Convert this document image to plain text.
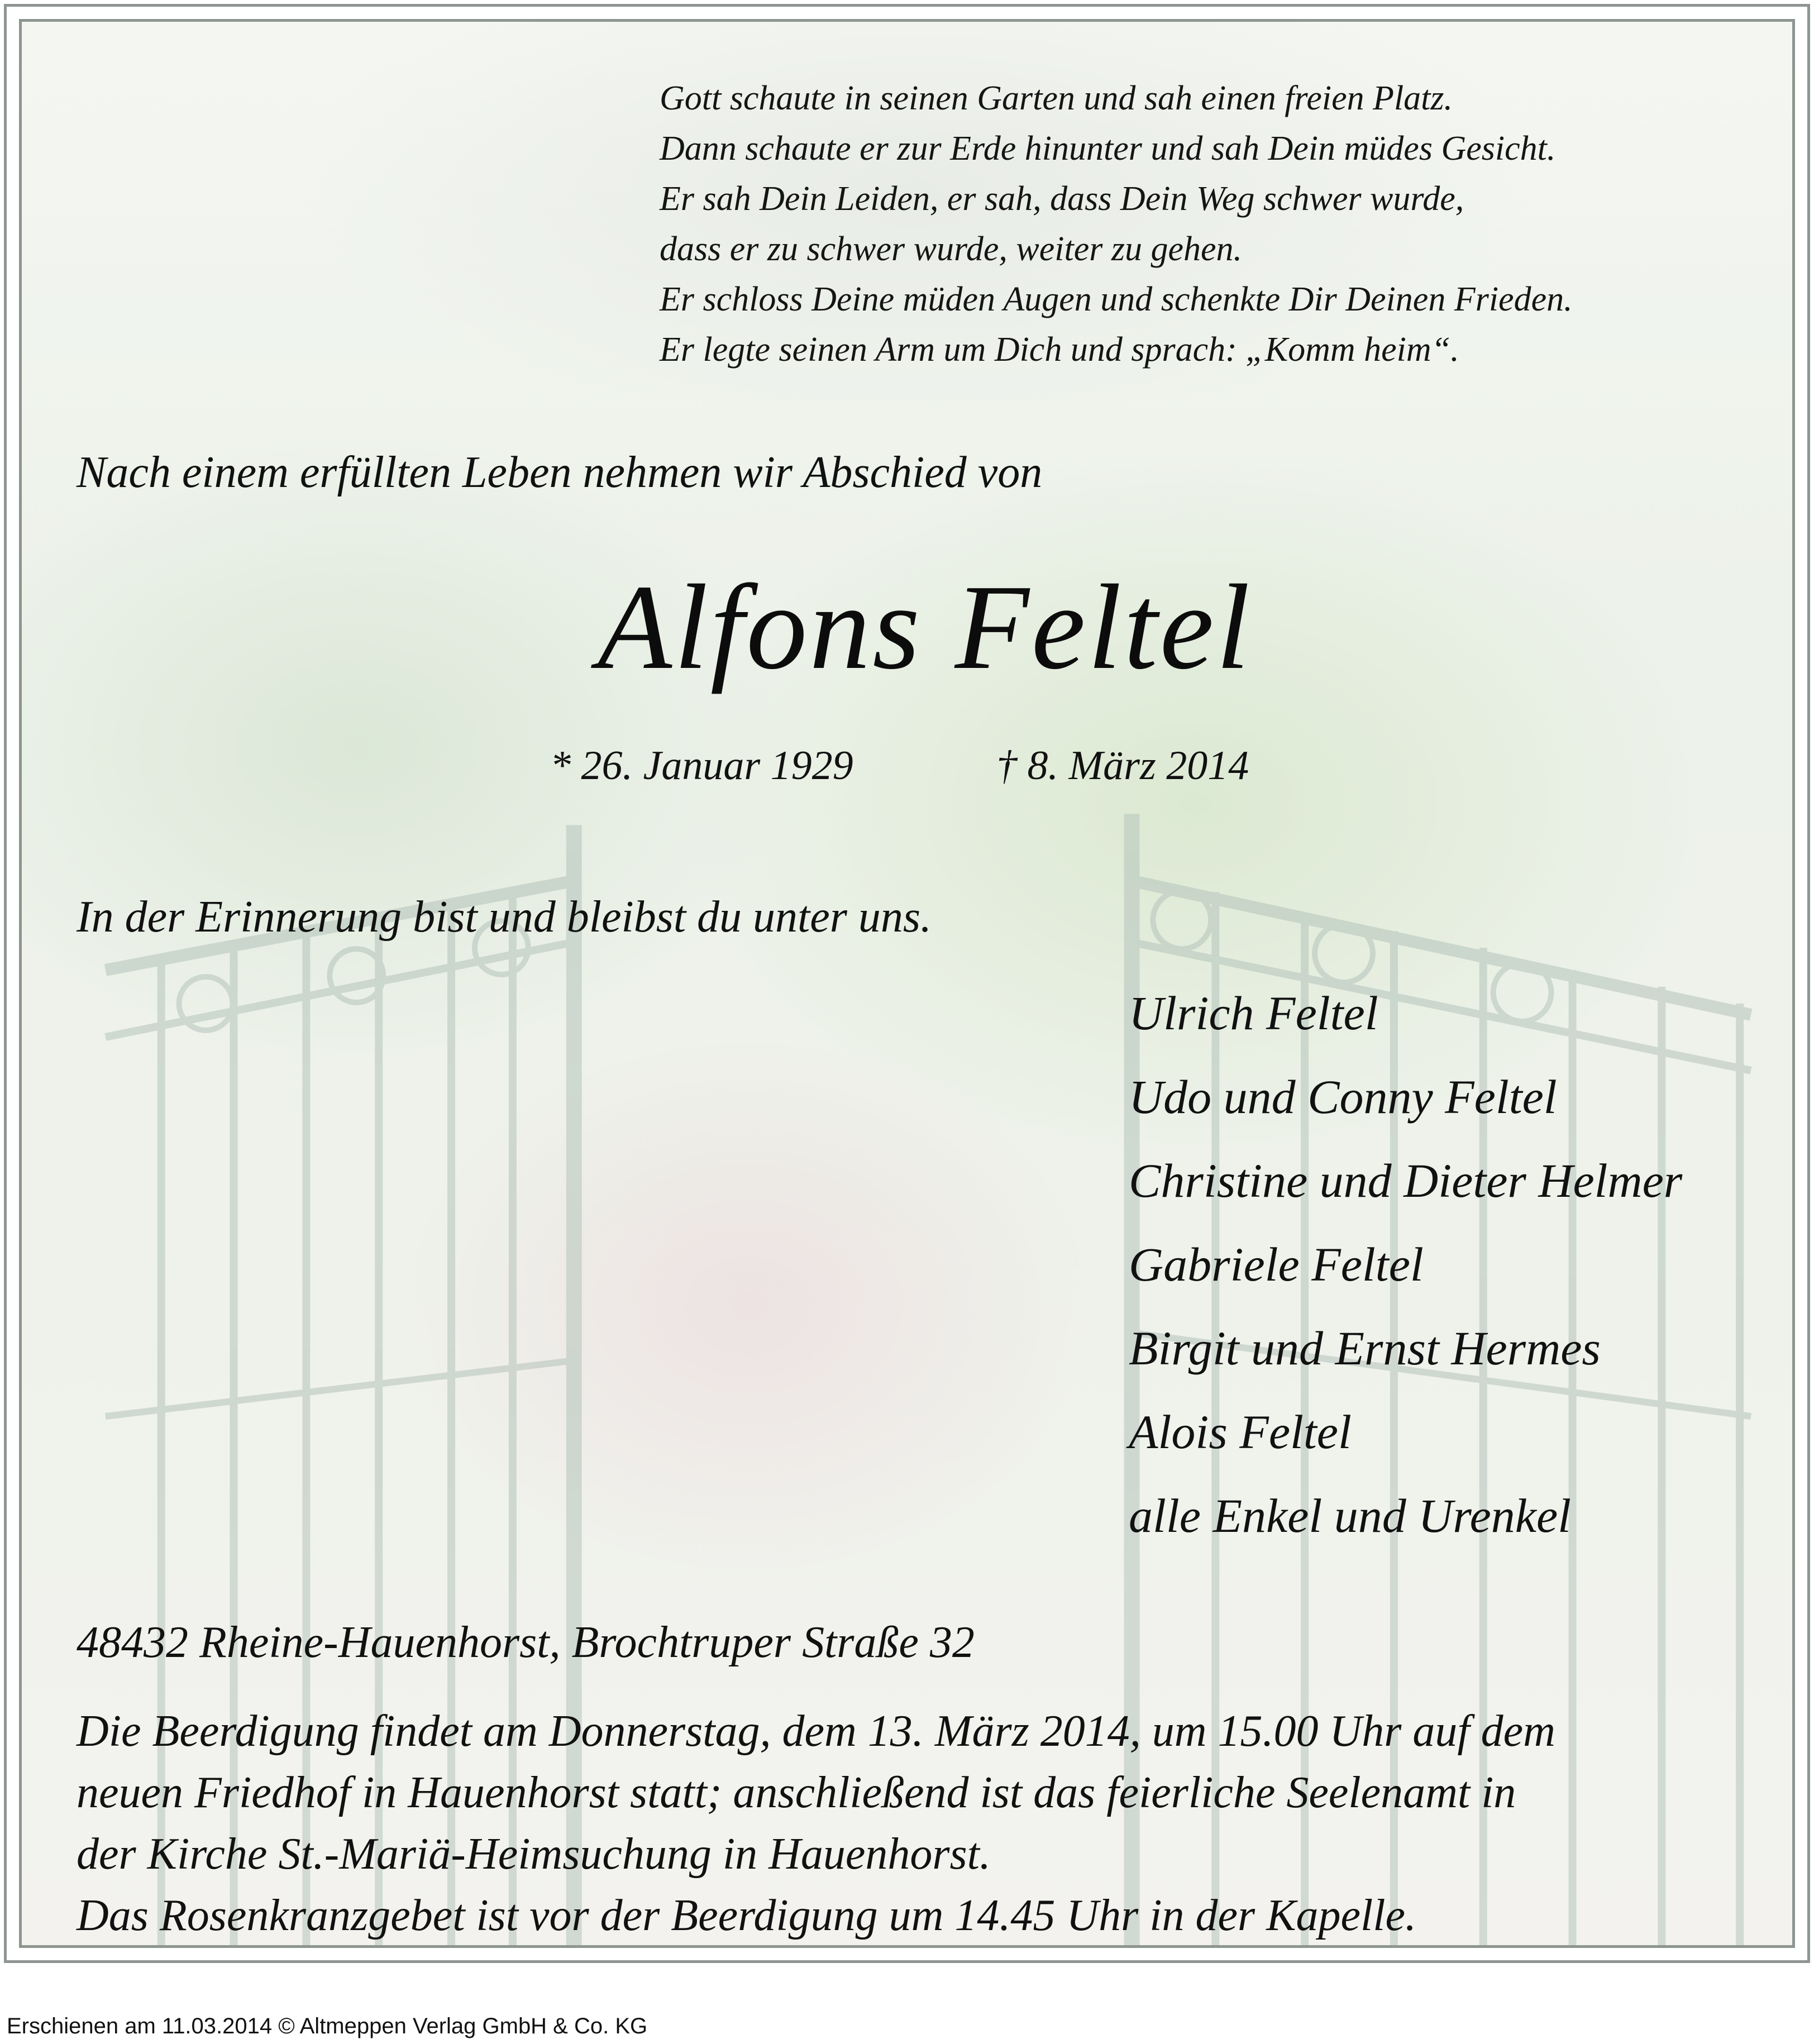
Gott schaute in seinen Garten und sah einen freien Platz.
Dann schaute er zur Erde hinunter und sah Dein müdes Gesicht.
Er sah Dein Leiden, er sah, dass Dein Weg schwer wurde,
dass er zu schwer wurde, weiter zu gehen.
Er schloss Deine müden Augen und schenkte Dir Deinen Frieden.
Er legte seinen Arm um Dich und sprach: „Komm heim“.

Nach einem erfüllten Leben nehmen wir Abschied von

Alfons Feltel

* 26. Januar 1929	† 8. März 2014

In der Erinnerung bist und bleibst du unter uns.

Ulrich Feltel
Udo und Conny Feltel
Christine und Dieter Helmer
Gabriele Feltel
Birgit und Ernst Hermes
Alois Feltel
alle Enkel und Urenkel

48432 Rheine-Hauenhorst, Brochtruper Straße 32

Die Beerdigung findet am Donnerstag, dem 13. März 2014, um 15.00 Uhr auf dem
neuen Friedhof in Hauenhorst statt; anschließend ist das feierliche Seelenamt in
der Kirche St.-Mariä-Heimsuchung in Hauenhorst.
Das Rosenkranzgebet ist vor der Beerdigung um 14.45 Uhr in der Kapelle.
Erschienen am 11.03.2014 © Altmeppen Verlag GmbH & Co. KG
